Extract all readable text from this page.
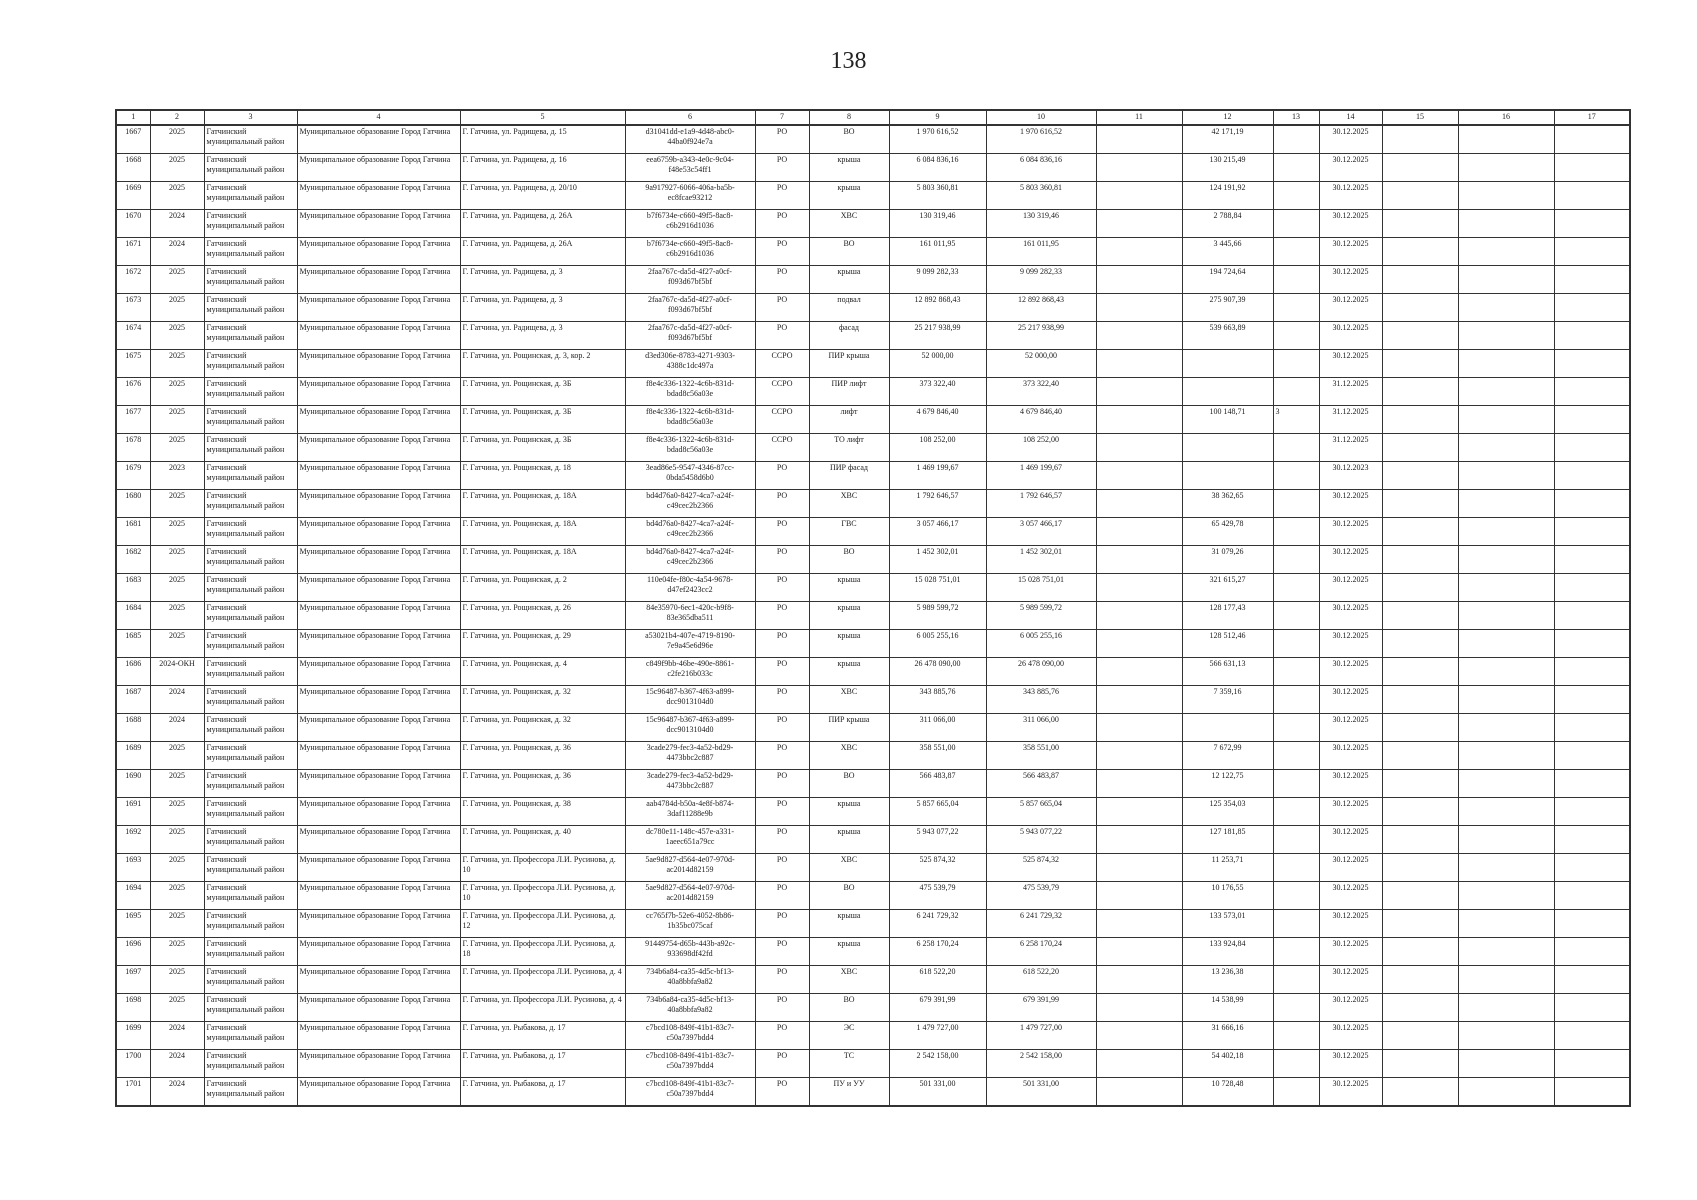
138
1	2	3	4	5	6	7	8	9	10	11	12	13	14	15	16	17
1667	2025	Гатчинский муниципальный район	Муниципальное образование Город Гатчина	Г. Гатчина, ул. Радищева, д. 15	d31041dd-e1a9-4d48-abc0-44ba0f924e7a	РО	ВО	1 970 616,52	1 970 616,52		42 171,19		30.12.2025			
1668	2025	Гатчинский муниципальный район	Муниципальное образование Город Гатчина	Г. Гатчина, ул. Радищева, д. 16	eea6759b-a343-4e0c-9c04-f48e53c54ff1	РО	крыша	6 084 836,16	6 084 836,16		130 215,49		30.12.2025			
1669	2025	Гатчинский муниципальный район	Муниципальное образование Город Гатчина	Г. Гатчина, ул. Радищева, д. 20/10	9a917927-6066-406a-ba5b-ec8fcae93212	РО	крыша	5 803 360,81	5 803 360,81		124 191,92		30.12.2025			
1670	2024	Гатчинский муниципальный район	Муниципальное образование Город Гатчина	Г. Гатчина, ул. Радищева, д. 26А	b7f6734e-c660-49f5-8ac8-c6b2916d1036	РО	ХВС	130 319,46	130 319,46		2 788,84		30.12.2025			
1671	2024	Гатчинский муниципальный район	Муниципальное образование Город Гатчина	Г. Гатчина, ул. Радищева, д. 26А	b7f6734e-c660-49f5-8ac8-c6b2916d1036	РО	ВО	161 011,95	161 011,95		3 445,66		30.12.2025			
1672	2025	Гатчинский муниципальный район	Муниципальное образование Город Гатчина	Г. Гатчина, ул. Радищева, д. 3	2faa767c-da5d-4f27-a0cf-f093d67bf5bf	РО	крыша	9 099 282,33	9 099 282,33		194 724,64		30.12.2025			
1673	2025	Гатчинский муниципальный район	Муниципальное образование Город Гатчина	Г. Гатчина, ул. Радищева, д. 3	2faa767c-da5d-4f27-a0cf-f093d67bf5bf	РО	подвал	12 892 868,43	12 892 868,43		275 907,39		30.12.2025			
1674	2025	Гатчинский муниципальный район	Муниципальное образование Город Гатчина	Г. Гатчина, ул. Радищева, д. 3	2faa767c-da5d-4f27-a0cf-f093d67bf5bf	РО	фасад	25 217 938,99	25 217 938,99		539 663,89		30.12.2025			
1675	2025	Гатчинский муниципальный район	Муниципальное образование Город Гатчина	Г. Гатчина, ул. Рощинская, д. 3, кор. 2	d3ed306e-8783-4271-9303-4388c1dc497a	ССРО	ПИР крыша	52 000,00	52 000,00				30.12.2025			
1676	2025	Гатчинский муниципальный район	Муниципальное образование Город Гатчина	Г. Гатчина, ул. Рощинская, д. 3Б	f8e4c336-1322-4c6b-831d-bdad8c56a03e	ССРО	ПИР лифт	373 322,40	373 322,40				31.12.2025			
1677	2025	Гатчинский муниципальный район	Муниципальное образование Город Гатчина	Г. Гатчина, ул. Рощинская, д. 3Б	f8e4c336-1322-4c6b-831d-bdad8c56a03e	ССРО	лифт	4 679 846,40	4 679 846,40		100 148,71	3	31.12.2025			
1678	2025	Гатчинский муниципальный район	Муниципальное образование Город Гатчина	Г. Гатчина, ул. Рощинская, д. 3Б	f8e4c336-1322-4c6b-831d-bdad8c56a03e	ССРО	ТО лифт	108 252,00	108 252,00				31.12.2025			
1679	2023	Гатчинский муниципальный район	Муниципальное образование Город Гатчина	Г. Гатчина, ул. Рощинская, д. 18	3ead86e5-9547-4346-87cc-0bda5458d6b0	РО	ПИР фасад	1 469 199,67	1 469 199,67				30.12.2023			
1680	2025	Гатчинский муниципальный район	Муниципальное образование Город Гатчина	Г. Гатчина, ул. Рощинская, д. 18А	bd4d76a0-8427-4ca7-a24f-c49cec2b2366	РО	ХВС	1 792 646,57	1 792 646,57		38 362,65		30.12.2025			
1681	2025	Гатчинский муниципальный район	Муниципальное образование Город Гатчина	Г. Гатчина, ул. Рощинская, д. 18А	bd4d76a0-8427-4ca7-a24f-c49cec2b2366	РО	ГВС	3 057 466,17	3 057 466,17		65 429,78		30.12.2025			
1682	2025	Гатчинский муниципальный район	Муниципальное образование Город Гатчина	Г. Гатчина, ул. Рощинская, д. 18А	bd4d76a0-8427-4ca7-a24f-c49cec2b2366	РО	ВО	1 452 302,01	1 452 302,01		31 079,26		30.12.2025			
1683	2025	Гатчинский муниципальный район	Муниципальное образование Город Гатчина	Г. Гатчина, ул. Рощинская, д. 2	110e04fe-f80c-4a54-9678-d47ef2423cc2	РО	крыша	15 028 751,01	15 028 751,01		321 615,27		30.12.2025			
1684	2025	Гатчинский муниципальный район	Муниципальное образование Город Гатчина	Г. Гатчина, ул. Рощинская, д. 26	84e35970-6ec1-420c-b9f8-83e365dba511	РО	крыша	5 989 599,72	5 989 599,72		128 177,43		30.12.2025			
1685	2025	Гатчинский муниципальный район	Муниципальное образование Город Гатчина	Г. Гатчина, ул. Рощинская, д. 29	a53021b4-407e-4719-8190-7e9a45e6d96e	РО	крыша	6 005 255,16	6 005 255,16		128 512,46		30.12.2025			
1686	2024-ОКН	Гатчинский муниципальный район	Муниципальное образование Город Гатчина	Г. Гатчина, ул. Рощинская, д. 4	c849f9bb-46be-490e-8861-c2fe216b033c	РО	крыша	26 478 090,00	26 478 090,00		566 631,13		30.12.2025			
1687	2024	Гатчинский муниципальный район	Муниципальное образование Город Гатчина	Г. Гатчина, ул. Рощинская, д. 32	15c96487-b367-4f63-a899-dcc9013104d0	РО	ХВС	343 885,76	343 885,76		7 359,16		30.12.2025			
1688	2024	Гатчинский муниципальный район	Муниципальное образование Город Гатчина	Г. Гатчина, ул. Рощинская, д. 32	15c96487-b367-4f63-a899-dcc9013104d0	РО	ПИР крыша	311 066,00	311 066,00				30.12.2025			
1689	2025	Гатчинский муниципальный район	Муниципальное образование Город Гатчина	Г. Гатчина, ул. Рощинская, д. 36	3cade279-fec3-4a52-bd29-4473bbc2c887	РО	ХВС	358 551,00	358 551,00		7 672,99		30.12.2025			
1690	2025	Гатчинский муниципальный район	Муниципальное образование Город Гатчина	Г. Гатчина, ул. Рощинская, д. 36	3cade279-fec3-4a52-bd29-4473bbc2c887	РО	ВО	566 483,87	566 483,87		12 122,75		30.12.2025			
1691	2025	Гатчинский муниципальный район	Муниципальное образование Город Гатчина	Г. Гатчина, ул. Рощинская, д. 38	aab4784d-b50a-4e8f-b874-3daf11288e9b	РО	крыша	5 857 665,04	5 857 665,04		125 354,03		30.12.2025			
1692	2025	Гатчинский муниципальный район	Муниципальное образование Город Гатчина	Г. Гатчина, ул. Рощинская, д. 40	dc780e11-148c-457e-a331-1aeec651a79cc	РО	крыша	5 943 077,22	5 943 077,22		127 181,85		30.12.2025			
1693	2025	Гатчинский муниципальный район	Муниципальное образование Город Гатчина	Г. Гатчина, ул. Профессора Л.И. Русинова, д. 10	5ae9d827-d564-4e07-970d-ac2014d82159	РО	ХВС	525 874,32	525 874,32		11 253,71		30.12.2025			
1694	2025	Гатчинский муниципальный район	Муниципальное образование Город Гатчина	Г. Гатчина, ул. Профессора Л.И. Русинова, д. 10	5ae9d827-d564-4e07-970d-ac2014d82159	РО	ВО	475 539,79	475 539,79		10 176,55		30.12.2025			
1695	2025	Гатчинский муниципальный район	Муниципальное образование Город Гатчина	Г. Гатчина, ул. Профессора Л.И. Русинова, д. 12	cc765f7b-52e6-4052-8b86-1b35bc075caf	РО	крыша	6 241 729,32	6 241 729,32		133 573,01		30.12.2025			
1696	2025	Гатчинский муниципальный район	Муниципальное образование Город Гатчина	Г. Гатчина, ул. Профессора Л.И. Русинова, д. 18	91449754-d65b-443b-a92c-933698df42fd	РО	крыша	6 258 170,24	6 258 170,24		133 924,84		30.12.2025			
1697	2025	Гатчинский муниципальный район	Муниципальное образование Город Гатчина	Г. Гатчина, ул. Профессора Л.И. Русинова, д. 4	734b6a84-ca35-4d5c-bf13-40a8bbfa9a82	РО	ХВС	618 522,20	618 522,20		13 236,38		30.12.2025			
1698	2025	Гатчинский муниципальный район	Муниципальное образование Город Гатчина	Г. Гатчина, ул. Профессора Л.И. Русинова, д. 4	734b6a84-ca35-4d5c-bf13-40a8bbfa9a82	РО	ВО	679 391,99	679 391,99		14 538,99		30.12.2025			
1699	2024	Гатчинский муниципальный район	Муниципальное образование Город Гатчина	Г. Гатчина, ул. Рыбакова, д. 17	c7bcd108-849f-41b1-83c7-c50a7397bdd4	РО	ЭС	1 479 727,00	1 479 727,00		31 666,16		30.12.2025			
1700	2024	Гатчинский муниципальный район	Муниципальное образование Город Гатчина	Г. Гатчина, ул. Рыбакова, д. 17	c7bcd108-849f-41b1-83c7-c50a7397bdd4	РО	ТС	2 542 158,00	2 542 158,00		54 402,18		30.12.2025			
1701	2024	Гатчинский муниципальный район	Муниципальное образование Город Гатчина	Г. Гатчина, ул. Рыбакова, д. 17	c7bcd108-849f-41b1-83c7-c50a7397bdd4	РО	ПУ и УУ	501 331,00	501 331,00		10 728,48		30.12.2025			
